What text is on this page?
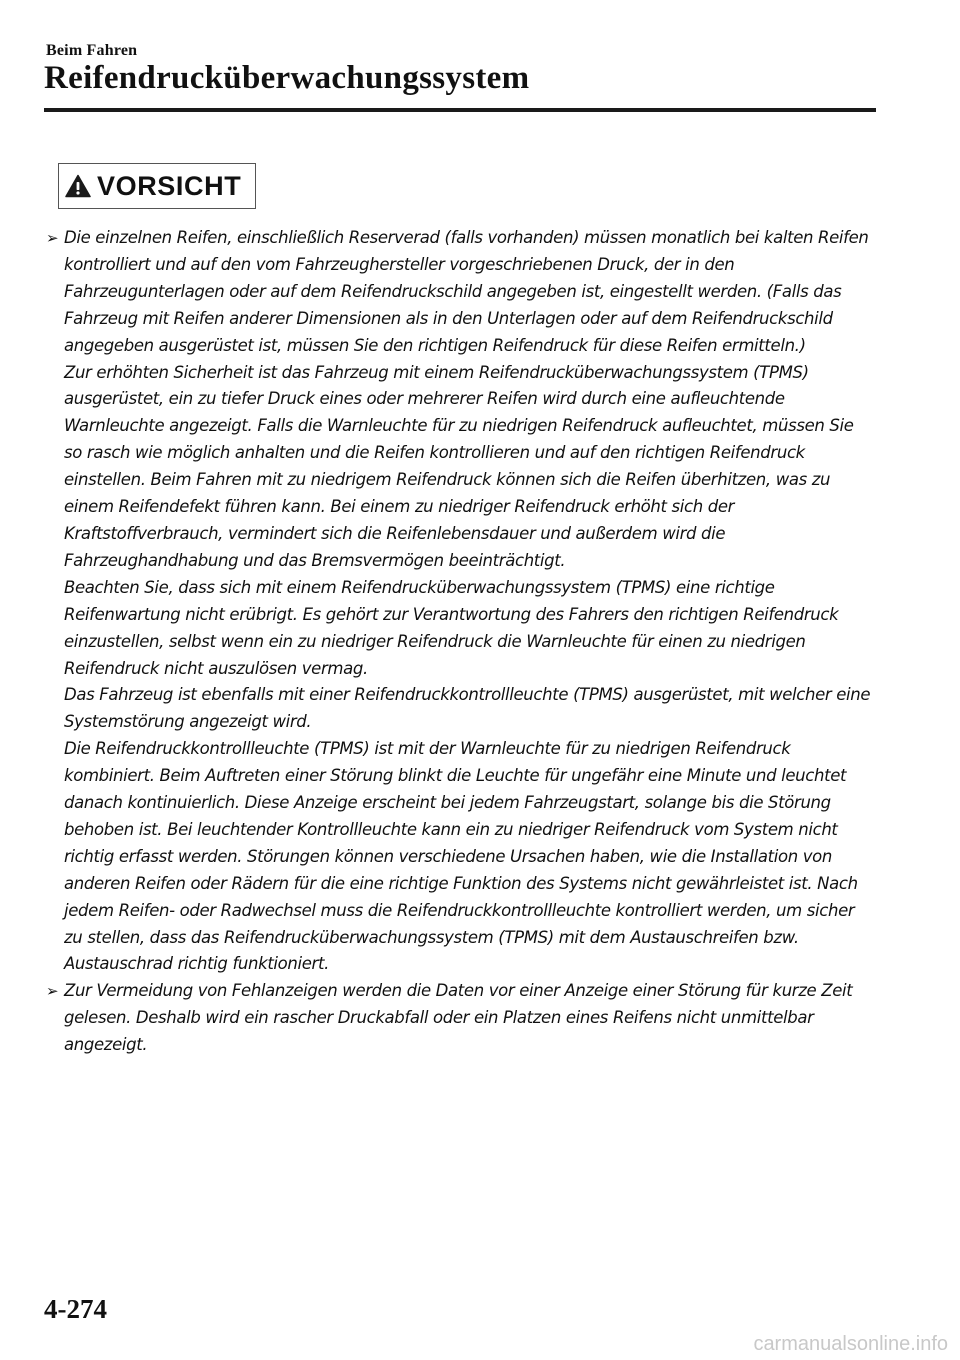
Beim Fahren
Reifendrucküberwachungssystem
VORSICHT
➢ Die einzelnen Reifen, einschließlich Reserverad (falls vorhanden) müssen monatlich bei kalten Reifen kontrolliert und auf den vom Fahrzeughersteller vorgeschriebenen Druck, der in den Fahrzeugunterlagen oder auf dem Reifendruckschild angegeben ist, eingestellt werden. (Falls das Fahrzeug mit Reifen anderer Dimensionen als in den Unterlagen oder auf dem Reifendruckschild angegeben ausgerüstet ist, müssen Sie den richtigen Reifendruck für diese Reifen ermitteln.)

Zur erhöhten Sicherheit ist das Fahrzeug mit einem Reifendrucküberwachungssystem (TPMS) ausgerüstet, ein zu tiefer Druck eines oder mehrerer Reifen wird durch eine aufleuchtende Warnleuchte angezeigt. Falls die Warnleuchte für zu niedrigen Reifendruck aufleuchtet, müssen Sie so rasch wie möglich anhalten und die Reifen kontrollieren und auf den richtigen Reifendruck einstellen. Beim Fahren mit zu niedrigem Reifendruck können sich die Reifen überhitzen, was zu einem Reifendefekt führen kann. Bei einem zu niedriger Reifendruck erhöht sich der Kraftstoffverbrauch, vermindert sich die Reifenlebensdauer und außerdem wird die Fahrzeughandhabung und das Bremsvermögen beeinträchtigt.

Beachten Sie, dass sich mit einem Reifendrucküberwachungssystem (TPMS) eine richtige Reifenwartung nicht erübrigt. Es gehört zur Verantwortung des Fahrers den richtigen Reifendruck einzustellen, selbst wenn ein zu niedriger Reifendruck die Warnleuchte für einen zu niedrigen Reifendruck nicht auszulösen vermag.

Das Fahrzeug ist ebenfalls mit einer Reifendruckkontrollleuchte (TPMS) ausgerüstet, mit welcher eine Systemstörung angezeigt wird.

Die Reifendruckkontrollleuchte (TPMS) ist mit der Warnleuchte für zu niedrigen Reifendruck kombiniert. Beim Auftreten einer Störung blinkt die Leuchte für ungefähr eine Minute und leuchtet danach kontinuierlich. Diese Anzeige erscheint bei jedem Fahrzeugstart, solange bis die Störung behoben ist. Bei leuchtender Kontrollleuchte kann ein zu niedriger Reifendruck vom System nicht richtig erfasst werden. Störungen können verschiedene Ursachen haben, wie die Installation von anderen Reifen oder Rädern für die eine richtige Funktion des Systems nicht gewährleistet ist. Nach jedem Reifen- oder Radwechsel muss die Reifendruckkontrollleuchte kontrolliert werden, um sicher zu stellen, dass das Reifendrucküberwachungssystem (TPMS) mit dem Austauschreifen bzw. Austauschrad richtig funktioniert.

➢ Zur Vermeidung von Fehlanzeigen werden die Daten vor einer Anzeige einer Störung für kurze Zeit gelesen. Deshalb wird ein rascher Druckabfall oder ein Platzen eines Reifens nicht unmittelbar angezeigt.

4-274
carmanualsonline.info
